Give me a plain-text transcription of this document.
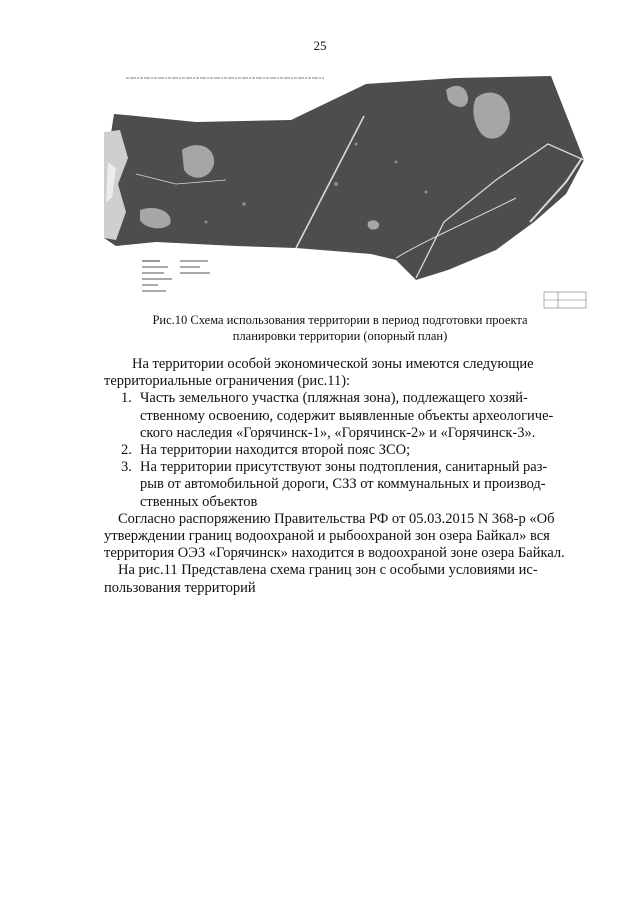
25
Рис.10 Схема использования территории в период подготовки проекта
планировки территории (опорный план)

На территории особой экономической зоны имеются следующие
территориальные ограничения (рис.11):

1. Часть земельного участка (пляжная зона), подлежащего хозяй-
ственному освоению, содержит выявленные объекты археологиче-
ского наследия «Горячинск-1», «Горячинск-2» и «Горячинск-3».
2. На территории находится второй пояс ЗСО;
3. На территории присутствуют зоны подтопления, санитарный раз-
рыв от автомобильной дороги, СЗЗ от коммунальных и производ-
ственных объектов

Согласно распоряжению Правительства РФ от 05.03.2015 N 368-р «Об
утверждении границ водоохраной и рыбоохраной зон озера Байкал» вся
территория ОЭЗ «Горячинск» находится в водоохраной зоне озера Байкал.

На рис.11 Представлена схема границ зон с особыми условиями ис-
пользования территорий
